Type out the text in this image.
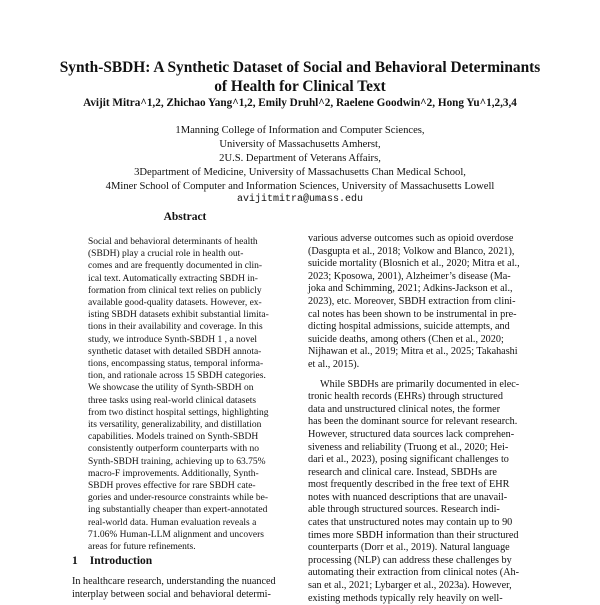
Synth-SBDH: A Synthetic Dataset of Social and Behavioral Determinants
of Health for Clinical Text
Avijit Mitra^1,2, Zhichao Yang^1,2, Emily Druhl^2, Raelene Goodwin^2, Hong Yu^1,2,3,4
1Manning College of Information and Computer Sciences,
University of Massachusetts Amherst,
2U.S. Department of Veterans Affairs,
3Department of Medicine, University of Massachusetts Chan Medical School,
4Miner School of Computer and Information Sciences, University of Massachusetts Lowell
avijitmitra@umass.edu
Abstract
Social and behavioral determinants of health
(SBDH) play a crucial role in health out-
comes and are frequently documented in clin-
ical text. Automatically extracting SBDH in-
formation from clinical text relies on publicly
available good-quality datasets. However, ex-
isting SBDH datasets exhibit substantial limita-
tions in their availability and coverage. In this
study, we introduce Synth-SBDH 1 , a novel
synthetic dataset with detailed SBDH annota-
tions, encompassing status, temporal informa-
tion, and rationale across 15 SBDH categories.
We showcase the utility of Synth-SBDH on
three tasks using real-world clinical datasets
from two distinct hospital settings, highlighting
its versatility, generalizability, and distillation
capabilities. Models trained on Synth-SBDH
consistently outperform counterparts with no
Synth-SBDH training, achieving up to 63.75%
macro-F improvements. Additionally, Synth-
SBDH proves effective for rare SBDH cate-
gories and under-resource constraints while be-
ing substantially cheaper than expert-annotated
real-world data. Human evaluation reveals a
71.06% Human-LLM alignment and uncovers
areas for future refinements.
1 Introduction
In healthcare research, understanding the nuanced
interplay between social and behavioral determi-
various adverse outcomes such as opioid overdose
(Dasgupta et al., 2018; Volkow and Blanco, 2021),
suicide mortality (Blosnich et al., 2020; Mitra et al.,
2023; Kposowa, 2001), Alzheimer’s disease (Ma-
joka and Schimming, 2021; Adkins-Jackson et al.,
2023), etc. Moreover, SBDH extraction from clini-
cal notes has been shown to be instrumental in pre-
dicting hospital admissions, suicide attempts, and
suicide deaths, among others (Chen et al., 2020;
Nijhawan et al., 2019; Mitra et al., 2025; Takahashi
et al., 2015).
While SBDHs are primarily documented in elec-
tronic health records (EHRs) through structured
data and unstructured clinical notes, the former
has been the dominant source for relevant research.
However, structured data sources lack comprehen-
siveness and reliability (Truong et al., 2020; Hei-
dari et al., 2023), posing significant challenges to
research and clinical care. Instead, SBDHs are
most frequently described in the free text of EHR
notes with nuanced descriptions that are unavail-
able through structured sources. Research indi-
cates that unstructured notes may contain up to 90
times more SBDH information than their structured
counterparts (Dorr et al., 2019). Natural language
processing (NLP) can address these challenges by
automating their extraction from clinical notes (Ah-
san et al., 2021; Lybarger et al., 2023a). However,
existing methods typically rely heavily on well-
